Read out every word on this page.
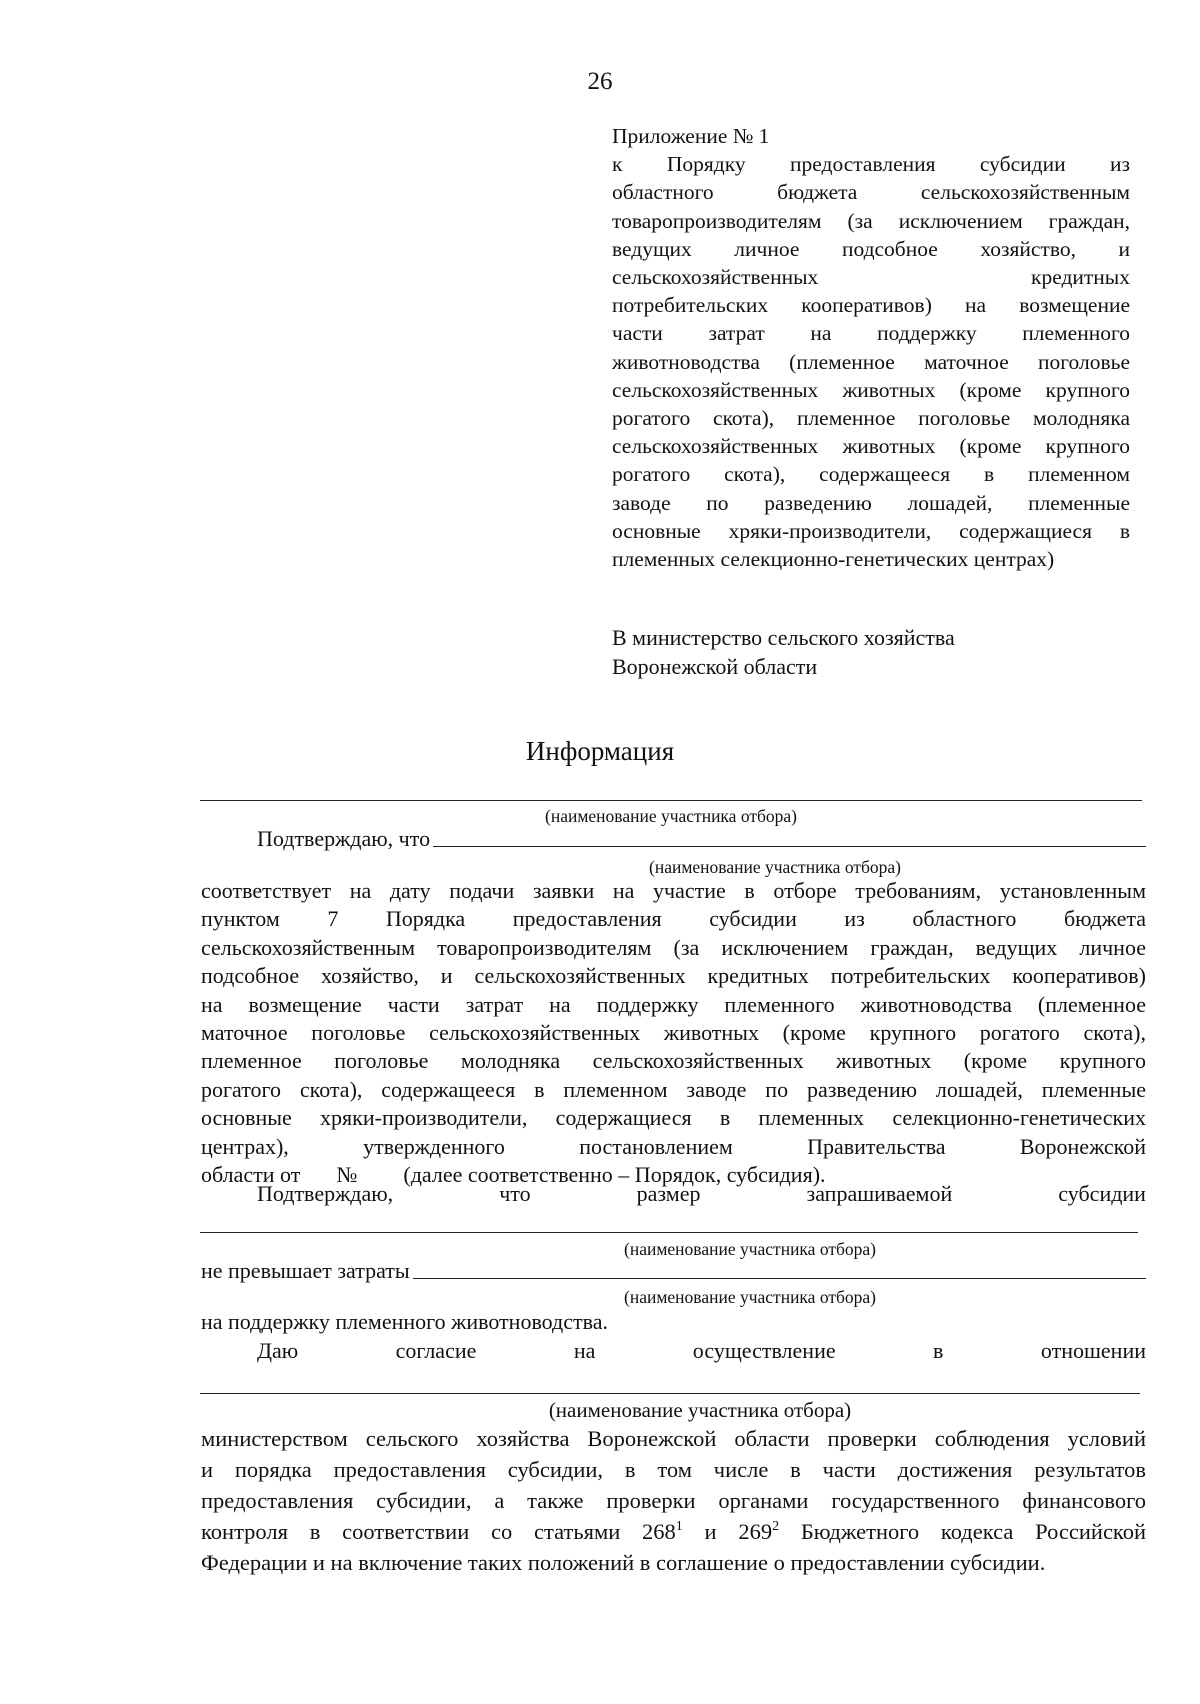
26
Приложение № 1
к Порядку предоставления субсидии из
областного бюджета сельскохозяйственным
товаропроизводителям (за исключением граждан,
ведущих личное подсобное хозяйство, и
сельскохозяйственных кредитных
потребительских кооперативов) на возмещение
части затрат на поддержку племенного
животноводства (племенное маточное поголовье
сельскохозяйственных животных (кроме крупного
рогатого скота), племенное поголовье молодняка
сельскохозяйственных животных (кроме крупного
рогатого скота), содержащееся в племенном
заводе по разведению лошадей, племенные
основные хряки-производители, содержащиеся в
племенных селекционно-генетических центрах)
В министерство сельского хозяйства
Воронежской области
Информация
(наименование участника отбора)
Подтверждаю, что
(наименование участника отбора)
соответствует на дату подачи заявки на участие в отборе требованиям, установленным
пунктом 7 Порядка предоставления субсидии из областного бюджета
сельскохозяйственным товаропроизводителям (за исключением граждан, ведущих личное
подсобное хозяйство, и сельскохозяйственных кредитных потребительских кооперативов)
на возмещение части затрат на поддержку племенного животноводства (племенное
маточное поголовье сельскохозяйственных животных (кроме крупного рогатого скота),
племенное поголовье молодняка сельскохозяйственных животных (кроме крупного
рогатого скота), содержащееся в племенном заводе по разведению лошадей, племенные
основные хряки-производители, содержащиеся в племенных селекционно-генетических
центрах), утвержденного постановлением Правительства Воронежской
области от № (далее соответственно – Порядок, субсидия).
Подтверждаю,	что	размер	запрашиваемой	субсидии
(наименование участника отбора)
не превышает затраты
(наименование участника отбора)
на поддержку племенного животноводства.
Даю	согласие	на	осуществление	в	отношении
(наименование участника отбора)
министерством сельского хозяйства Воронежской области проверки соблюдения условий
и порядка предоставления субсидии, в том числе в части достижения результатов
предоставления субсидии, а также проверки органами государственного финансового
контроля в соответствии со статьями $268^1$ и $269^2$ Бюджетного кодекса Российской
Федерации и на включение таких положений в соглашение о предоставлении субсидии.
